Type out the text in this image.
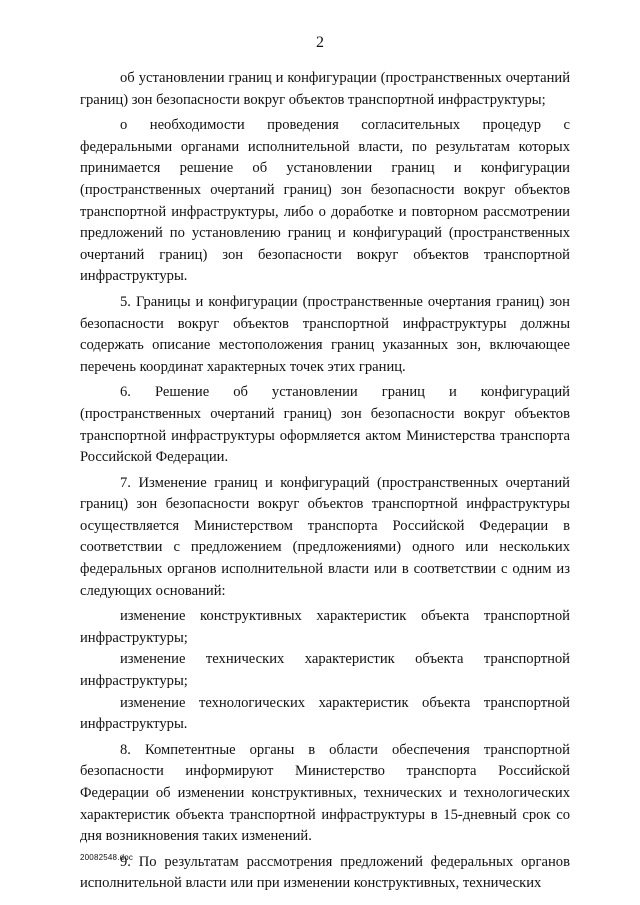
2

об установлении границ и конфигурации (пространственных очертаний границ) зон безопасности вокруг объектов транспортной инфраструктуры;

о необходимости проведения согласительных процедур с федеральными органами исполнительной власти, по результатам которых принимается решение об установлении границ и конфигурации (пространственных очертаний границ) зон безопасности вокруг объектов транспортной инфраструктуры, либо о доработке и повторном рассмотрении предложений по установлению границ и конфигураций (пространственных очертаний границ) зон безопасности вокруг объектов транспортной инфраструктуры.

5. Границы и конфигурации (пространственные очертания границ) зон безопасности вокруг объектов транспортной инфраструктуры должны содержать описание местоположения границ указанных зон, включающее перечень координат характерных точек этих границ.

6. Решение об установлении границ и конфигураций (пространственных очертаний границ) зон безопасности вокруг объектов транспортной инфраструктуры оформляется актом Министерства транспорта Российской Федерации.

7. Изменение границ и конфигураций (пространственных очертаний границ) зон безопасности вокруг объектов транспортной инфраструктуры осуществляется Министерством транспорта Российской Федерации в соответствии с предложением (предложениями) одного или нескольких федеральных органов исполнительной власти или в соответствии с одним из следующих оснований:

изменение конструктивных характеристик объекта транспортной инфраструктуры;

изменение технических характеристик объекта транспортной инфраструктуры;

изменение технологических характеристик объекта транспортной инфраструктуры.

8. Компетентные органы в области обеспечения транспортной безопасности информируют Министерство транспорта Российской Федерации об изменении конструктивных, технических и технологических характеристик объекта транспортной инфраструктуры в 15-дневный срок со дня возникновения таких изменений.

9. По результатам рассмотрения предложений федеральных органов исполнительной власти или при изменении конструктивных, технических

20082548.doc
